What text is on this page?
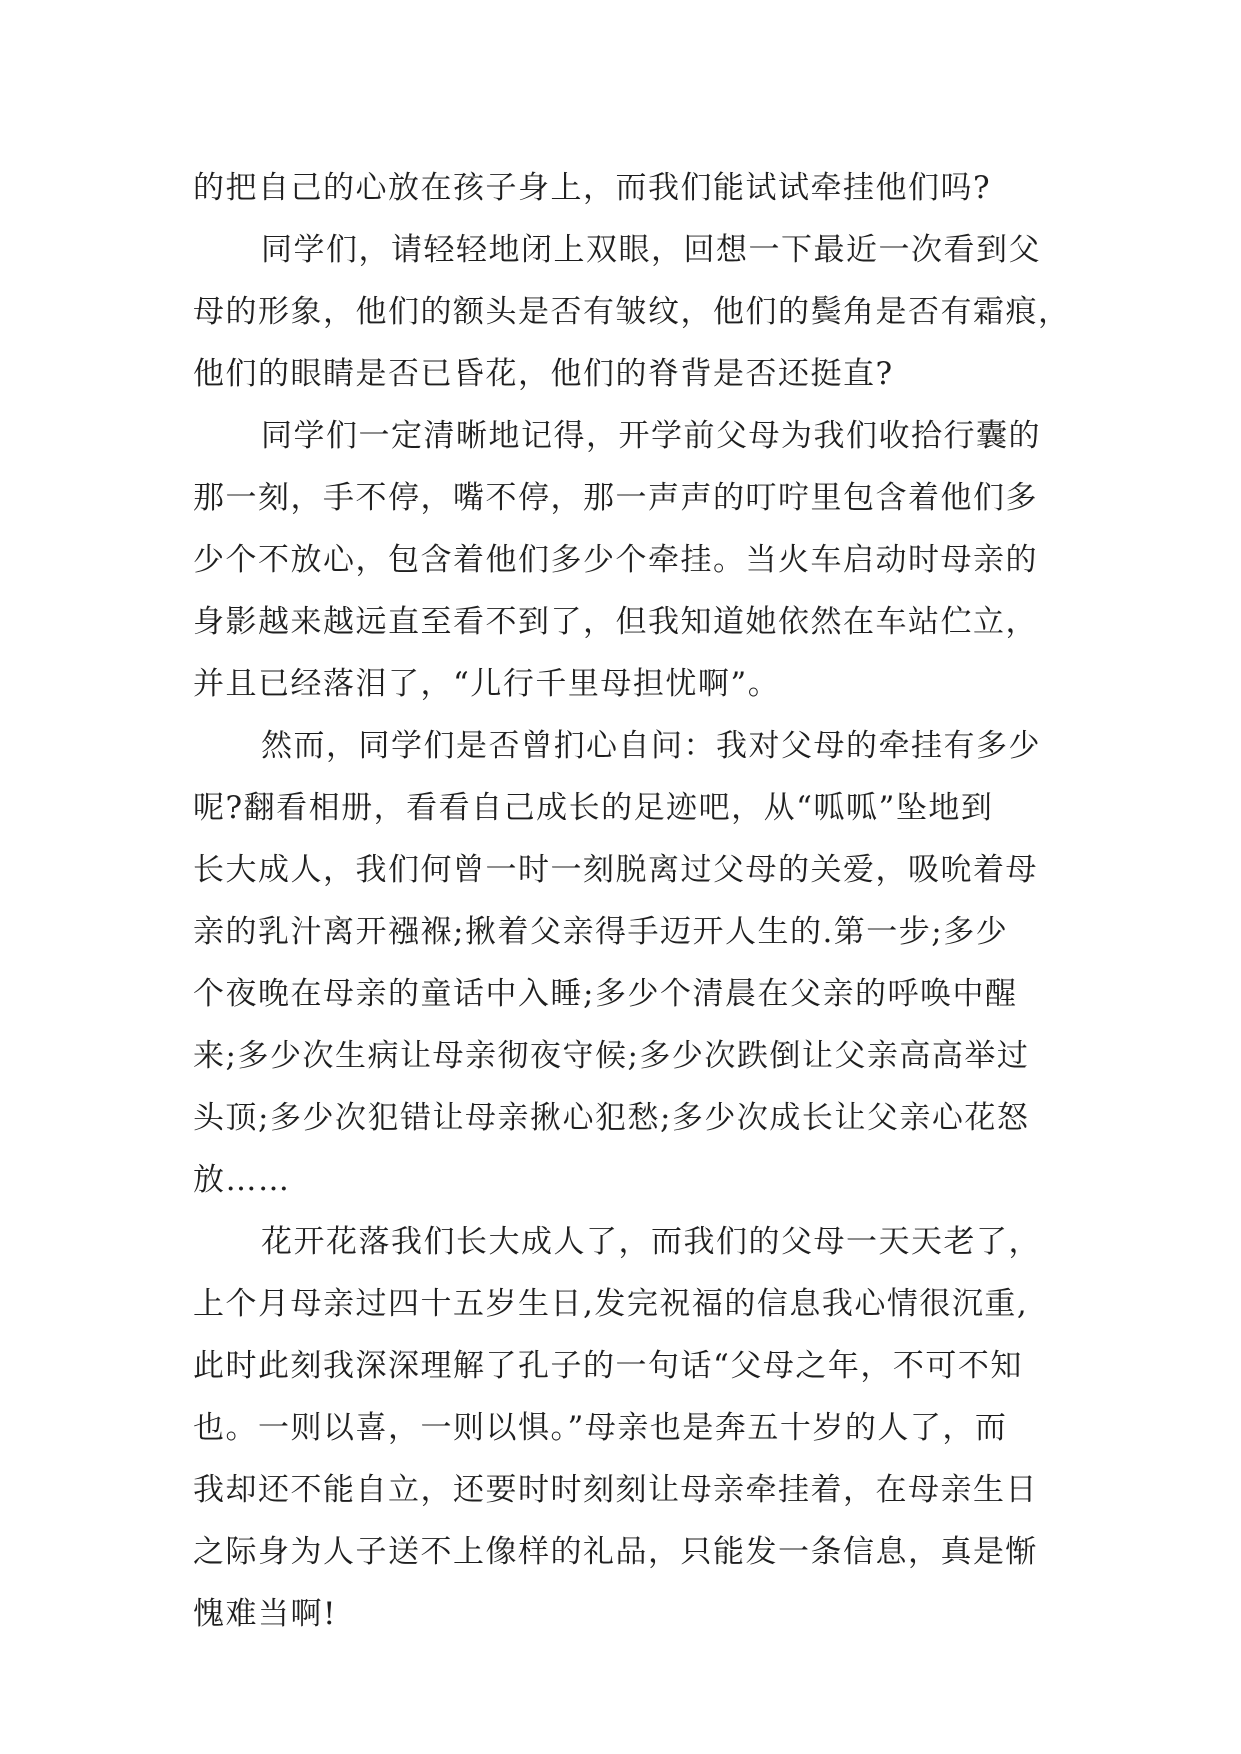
的把自己的心放在孩子身上，而我们能试试牵挂他们吗?

同学们，请轻轻地闭上双眼，回想一下最近一次看到父
母的形象，他们的额头是否有皱纹，他们的鬓角是否有霜痕，
他们的眼睛是否已昏花，他们的脊背是否还挺直?

同学们一定清晰地记得，开学前父母为我们收拾行囊的
那一刻，手不停，嘴不停，那一声声的叮咛里包含着他们多
少个不放心，包含着他们多少个牵挂。当火车启动时母亲的
身影越来越远直至看不到了，但我知道她依然在车站伫立，
并且已经落泪了，“儿行千里母担忧啊”。

然而，同学们是否曾扪心自问：我对父母的牵挂有多少
呢?翻看相册，看看自己成长的足迹吧，从“呱呱”坠地到
长大成人，我们何曾一时一刻脱离过父母的关爱，吸吮着母
亲的乳汁离开襁褓;揪着父亲得手迈开人生的.第一步;多少
个夜晚在母亲的童话中入睡;多少个清晨在父亲的呼唤中醒
来;多少次生病让母亲彻夜守候;多少次跌倒让父亲高高举过
头顶;多少次犯错让母亲揪心犯愁;多少次成长让父亲心花怒
放……

花开花落我们长大成人了，而我们的父母一天天老了，
上个月母亲过四十五岁生日,发完祝福的信息我心情很沉重,
此时此刻我深深理解了孔子的一句话“父母之年，不可不知
也。一则以喜，一则以惧。”母亲也是奔五十岁的人了，而
我却还不能自立，还要时时刻刻让母亲牵挂着，在母亲生日
之际身为人子送不上像样的礼品，只能发一条信息，真是惭
愧难当啊!
